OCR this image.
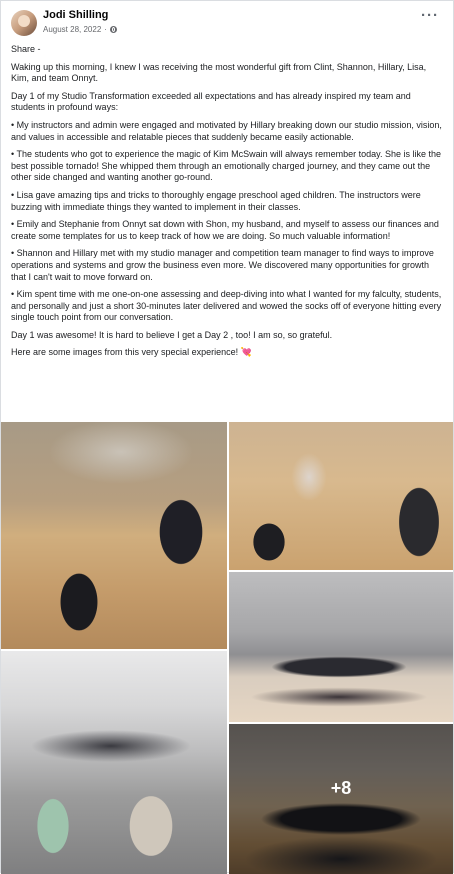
Jodi Shilling
August 28, 2022 ·
···

Share -

Waking up this morning, I knew I was receiving the most wonderful gift from Clint, Shannon, Hillary, Lisa, Kim, and team Onnyt.

Day 1 of my Studio Transformation exceeded all expectations and has already inspired my team and students in profound ways:

• My instructors and admin were engaged and motivated by Hillary breaking down our studio mission, vision, and values in accessible and relatable pieces that suddenly became easily actionable.

• The students who got to experience the magic of Kim McSwain will always remember today. She is like the best possible tornado! She whipped them through an emotionally charged journey, and they came out the other side changed and wanting another go-round.

• Lisa gave amazing tips and tricks to thoroughly engage preschool aged children. The instructors were buzzing with immediate things they wanted to implement in their classes.

• Emily and Stephanie from Onnyt sat down with Shon, my husband, and myself to assess our finances and create some templates for us to keep track of how we are doing. So much valuable information!

• Shannon and Hillary met with my studio manager and competition team manager to find ways to improve operations and systems and grow the business even more. We discovered many opportunities for growth that I can't wait to move forward on.

• Kim spent time with me one-on-one assessing and deep-diving into what I wanted for my falculty, students, and personally and just a short 30-minutes later delivered and wowed the socks off of everyone hitting every single touch point from our conversation.

Day 1 was awesome! It is hard to believe I get a Day 2 , too! I am so, so grateful.

Here are some images from this very special experience! 💘

+8
